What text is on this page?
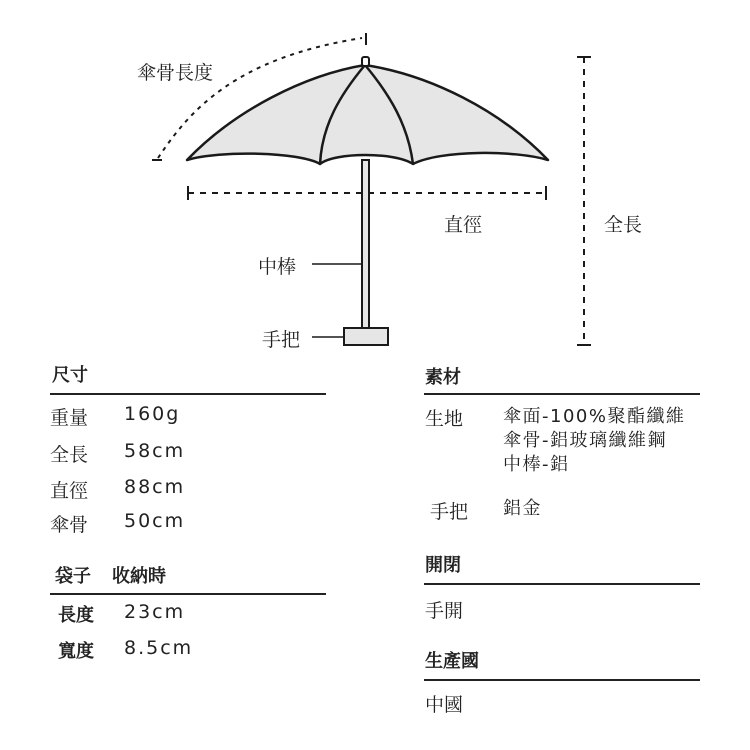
傘骨長度
直徑	全長
中棒
手把
尺寸
重量 160g
全長 58cm
直徑 88cm
傘骨 50cm
袋子 收納時
長度 23cm
寬度 8.5cm
素材
生地 傘面-100%聚酯纖維
傘骨-鋁玻璃纖維鋼
中棒-鋁
手把 鋁金
開閉
手開
生產國
中國
